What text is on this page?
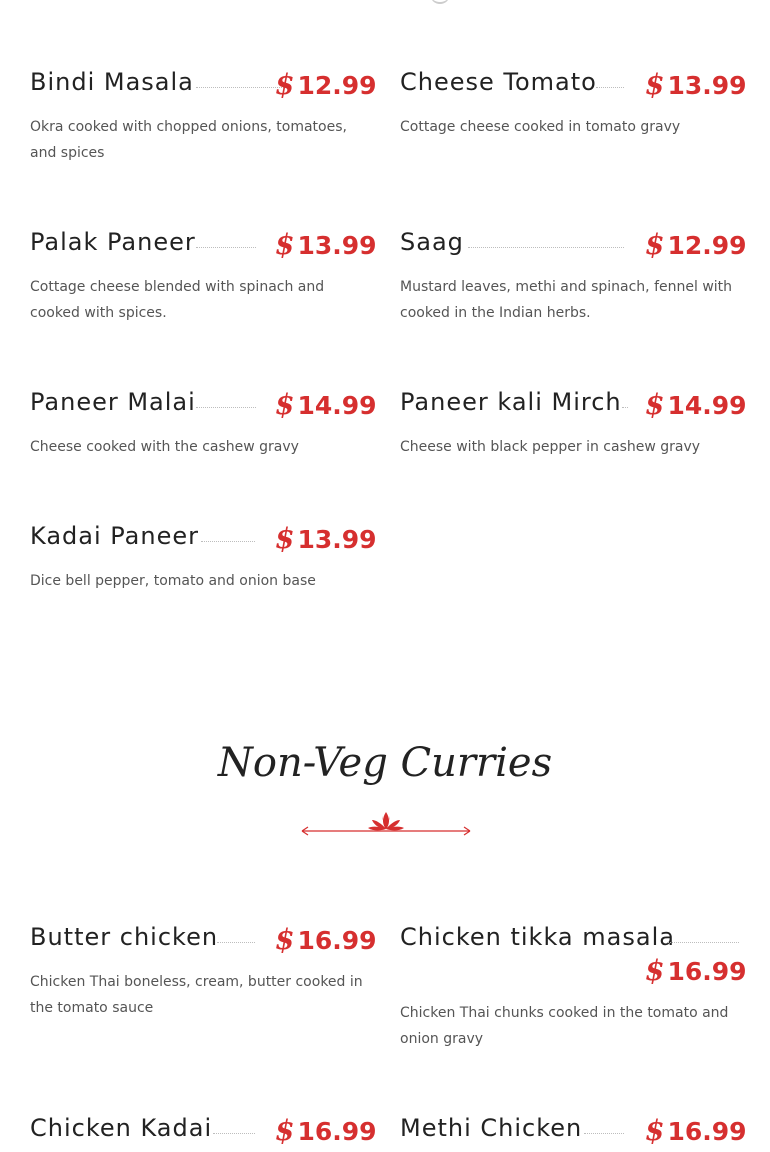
Bindi Masala	$ 12.99
Okra cooked with chopped onions, tomatoes, and spices
Cheese Tomato $ 13.99
Cottage cheese cooked in tomato gravy
Palak Paneer	$ 13.99
Cottage cheese blended with spinach and cooked with spices.
Saag	$ 12.99
Mustard leaves, methi and spinach, fennel with cooked in the Indian herbs.
Paneer Malai	$ 14.99
Cheese cooked with the cashew gravy
Paneer kali Mirch $ 14.99
Cheese with black pepper in cashew gravy
Kadai Paneer	$ 13.99
Dice bell pepper, tomato and onion base
Non-Veg Curries
Butter chicken $ 16.99
Chicken Thai boneless, cream, butter cooked in the tomato sauce
Chicken tikka masala
$ 16.99
Chicken Thai chunks cooked in the tomato and onion gravy
Chicken Kadai $ 16.99 Methi Chicken $ 16.99
